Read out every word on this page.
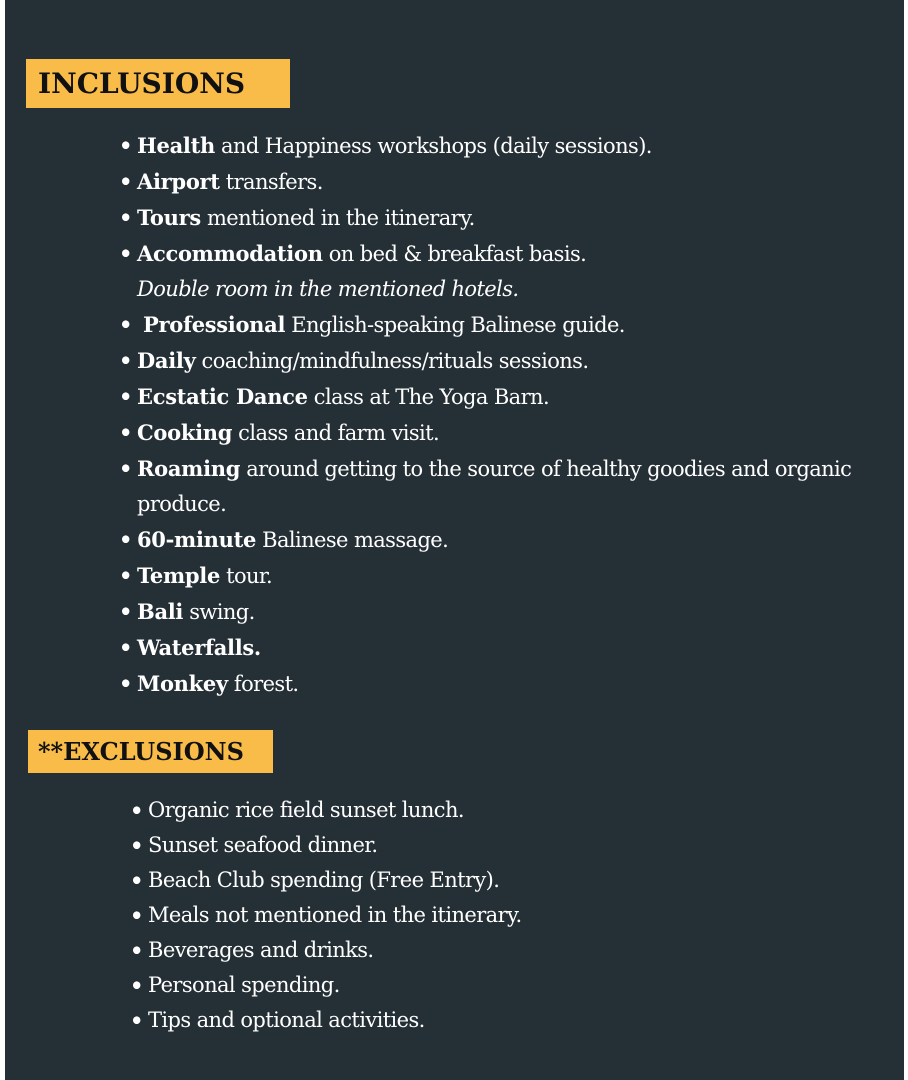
INCLUSIONS
• Health and Happiness workshops (daily sessions).
• Airport transfers.
• Tours mentioned in the itinerary.
• Accommodation on bed & breakfast basis.
Double room in the mentioned hotels.
• Professional English-speaking Balinese guide.
• Daily coaching/mindfulness/rituals sessions.
• Ecstatic Dance class at The Yoga Barn.
• Cooking class and farm visit.
• Roaming around getting to the source of healthy goodies and organic produce.
• 60-minute Balinese massage.
• Temple tour.
• Bali swing.
• Waterfalls.
• Monkey forest.
**EXCLUSIONS
• Organic rice field sunset lunch.
• Sunset seafood dinner.
• Beach Club spending (Free Entry).
• Meals not mentioned in the itinerary.
• Beverages and drinks.
• Personal spending.
• Tips and optional activities.
